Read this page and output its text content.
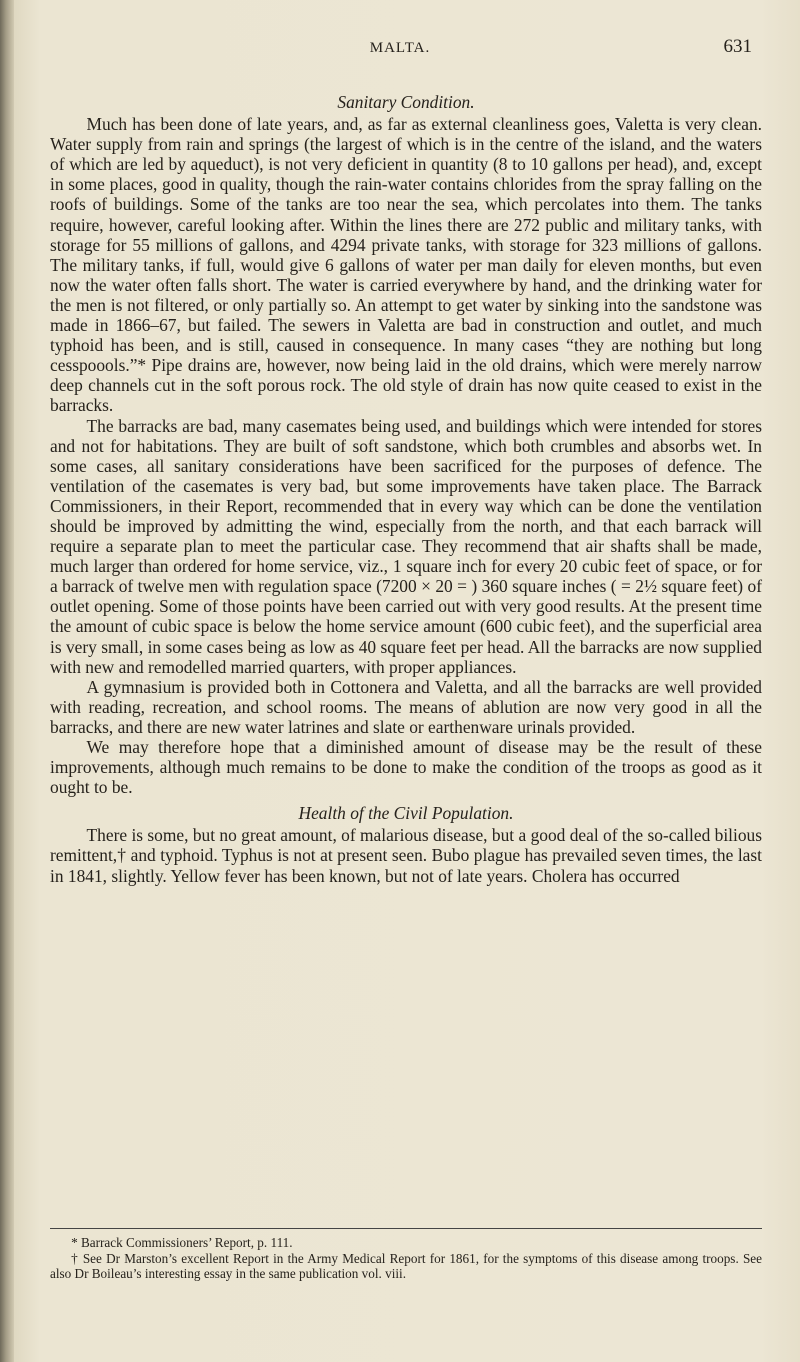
MALTA.	631
Sanitary Condition.

Much has been done of late years, and, as far as external cleanliness goes, Valetta is very clean. Water supply from rain and springs (the largest of which is in the centre of the island, and the waters of which are led by aqueduct), is not very deficient in quantity (8 to 10 gallons per head), and, except in some places, good in quality, though the rain-water contains chlorides from the spray falling on the roofs of buildings. Some of the tanks are too near the sea, which percolates into them. The tanks require, however, careful looking after. Within the lines there are 272 public and military tanks, with storage for 55 millions of gallons, and 4294 private tanks, with storage for 323 millions of gallons. The military tanks, if full, would give 6 gallons of water per man daily for eleven months, but even now the water often falls short. The water is carried everywhere by hand, and the drinking water for the men is not filtered, or only partially so. An attempt to get water by sinking into the sandstone was made in 1866–67, but failed. The sewers in Valetta are bad in construction and outlet, and much typhoid has been, and is still, caused in consequence. In many cases “they are nothing but long cesspoools.”* Pipe drains are, however, now being laid in the old drains, which were merely narrow deep channels cut in the soft porous rock. The old style of drain has now quite ceased to exist in the barracks.

The barracks are bad, many casemates being used, and buildings which were intended for stores and not for habitations. They are built of soft sandstone, which both crumbles and absorbs wet. In some cases, all sanitary considerations have been sacrificed for the purposes of defence. The ventilation of the casemates is very bad, but some improvements have taken place. The Barrack Commissioners, in their Report, recommended that in every way which can be done the ventilation should be improved by admitting the wind, especially from the north, and that each barrack will require a separate plan to meet the particular case. They recommend that air shafts shall be made, much larger than ordered for home service, viz., 1 square inch for every 20 cubic feet of space, or for a barrack of twelve men with regulation space (7200 × 20 = ) 360 square inches ( = 2½ square feet) of outlet opening. Some of those points have been carried out with very good results. At the present time the amount of cubic space is below the home service amount (600 cubic feet), and the superficial area is very small, in some cases being as low as 40 square feet per head. All the barracks are now supplied with new and remodelled married quarters, with proper appliances.

A gymnasium is provided both in Cottonera and Valetta, and all the barracks are well provided with reading, recreation, and school rooms. The means of ablution are now very good in all the barracks, and there are new water latrines and slate or earthenware urinals provided.

We may therefore hope that a diminished amount of disease may be the result of these improvements, although much remains to be done to make the condition of the troops as good as it ought to be.

Health of the Civil Population.

There is some, but no great amount, of malarious disease, but a good deal of the so-called bilious remittent,† and typhoid. Typhus is not at present seen. Bubo plague has prevailed seven times, the last in 1841, slightly. Yellow fever has been known, but not of late years. Cholera has occurred

* Barrack Commissioners’ Report, p. 111.

† See Dr Marston’s excellent Report in the Army Medical Report for 1861, for the symptoms of this disease among troops. See also Dr Boileau’s interesting essay in the same publication vol. viii.
